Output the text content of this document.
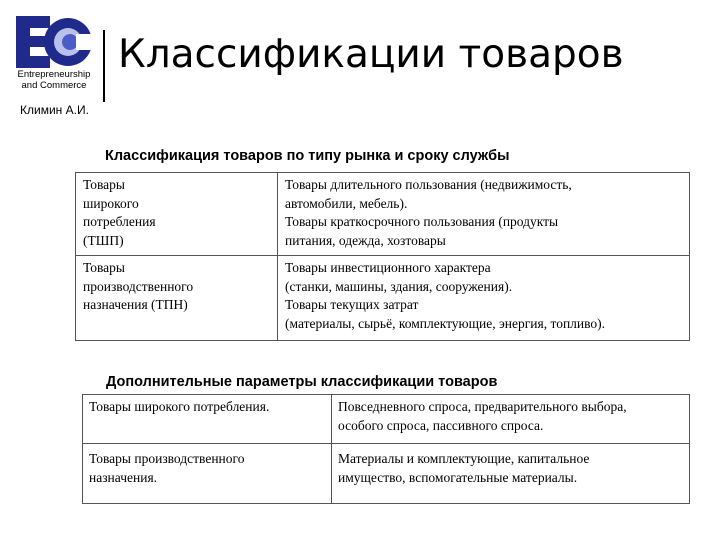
Entrepreneurship
and Commerce
Классификации товаров
Климин А.И.
Классификация товаров по типу рынка и сроку службы
Товары
широкого
потребления
(ТШП)	Товары длительного пользования (недвижимость,
автомобили, мебель).
Товары краткосрочного пользования (продукты
питания, одежда, хозтовары

Товары
производственного
назначения (ТПН)	Товары инвестиционного характера
(станки, машины, здания, сооружения).
Товары текущих затрат
(материалы, сырьё, комплектующие, энергия, топливо).
Дополнительные параметры классификации товаров
Товары широкого потребления.	Повседневного спроса, предварительного выбора,
особого спроса, пассивного спроса.

Товары производственного
назначения.	Материалы и комплектующие, капитальное
имущество, вспомогательные материалы.
